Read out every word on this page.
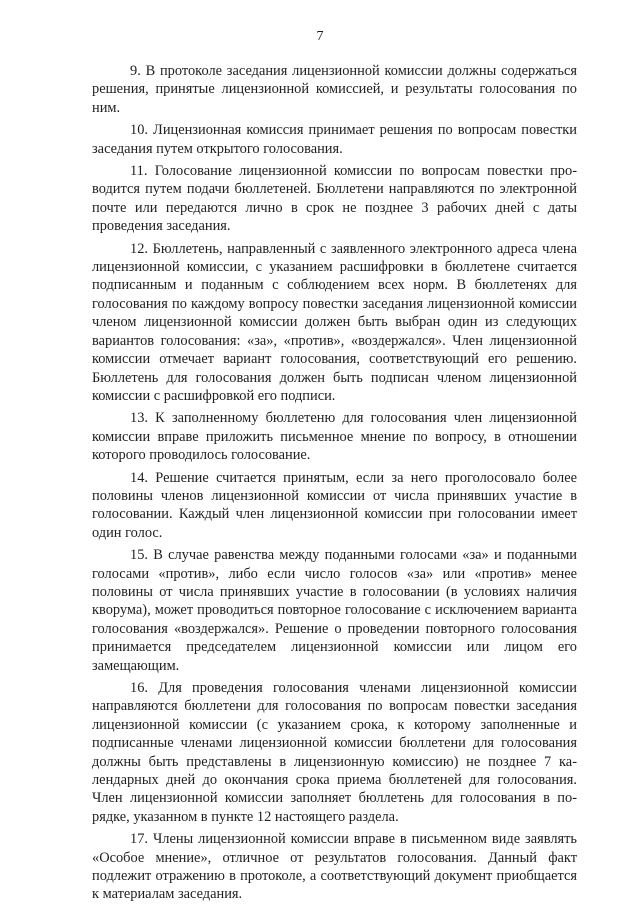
7

9. В протоколе заседания лицензионной комиссии должны содержаться решения, принятые лицензионной комиссией, и результаты голосования по ним.

10. Лицензионная комиссия принимает решения по вопросам повестки заседания путем открытого голосования.

11. Голосование лицензионной комиссии по вопросам повестки проводится путем подачи бюллетеней. Бюллетени направляются по электронной почте или передаются лично в срок не позднее 3 рабочих дней с даты проведения заседания.

12. Бюллетень, направленный с заявленного электронного адреса члена лицензионной комиссии, с указанием расшифровки в бюллетене считается подписанным и поданным с соблюдением всех норм. В бюллетенях для голосования по каждому вопросу повестки заседания лицензионной комиссии членом лицензионной комиссии должен быть выбран один из следующих вариантов голосования: «за», «против», «воздержался». Член лицензионной комиссии отмечает вариант голосования, соответствующий его решению. Бюллетень для голосования должен быть подписан членом лицензионной комиссии с расшифровкой его подписи.

13. К заполненному бюллетеню для голосования член лицензионной комиссии вправе приложить письменное мнение по вопросу, в отношении которого проводилось голосование.

14. Решение считается принятым, если за него проголосовало более половины членов лицензионной комиссии от числа принявших участие в голосовании. Каждый член лицензионной комиссии при голосовании имеет один голос.

15. В случае равенства между поданными голосами «за» и поданными голосами «против», либо если число голосов «за» или «против» менее половины от числа принявших участие в голосовании (в условиях наличия кворума), может проводиться повторное голосование с исключением варианта голосования «воздержался». Решение о проведении повторного голосования принимается председателем лицензионной комиссии или лицом его замещающим.

16. Для проведения голосования членами лицензионной комиссии направляются бюллетени для голосования по вопросам повестки заседания лицензионной комиссии (с указанием срока, к которому заполненные и подписанные членами лицензионной комиссии бюллетени для голосования должны быть представлены в лицензионную комиссию) не позднее 7 календарных дней до окончания срока приема бюллетеней для голосования. Член лицензионной комиссии заполняет бюллетень для голосования в порядке, указанном в пункте 12 настоящего раздела.

17. Члены лицензионной комиссии вправе в письменном виде заявлять «Особое мнение», отличное от результатов голосования. Данный факт подлежит отражению в протоколе, а соответствующий документ приобщается к материалам заседания.
